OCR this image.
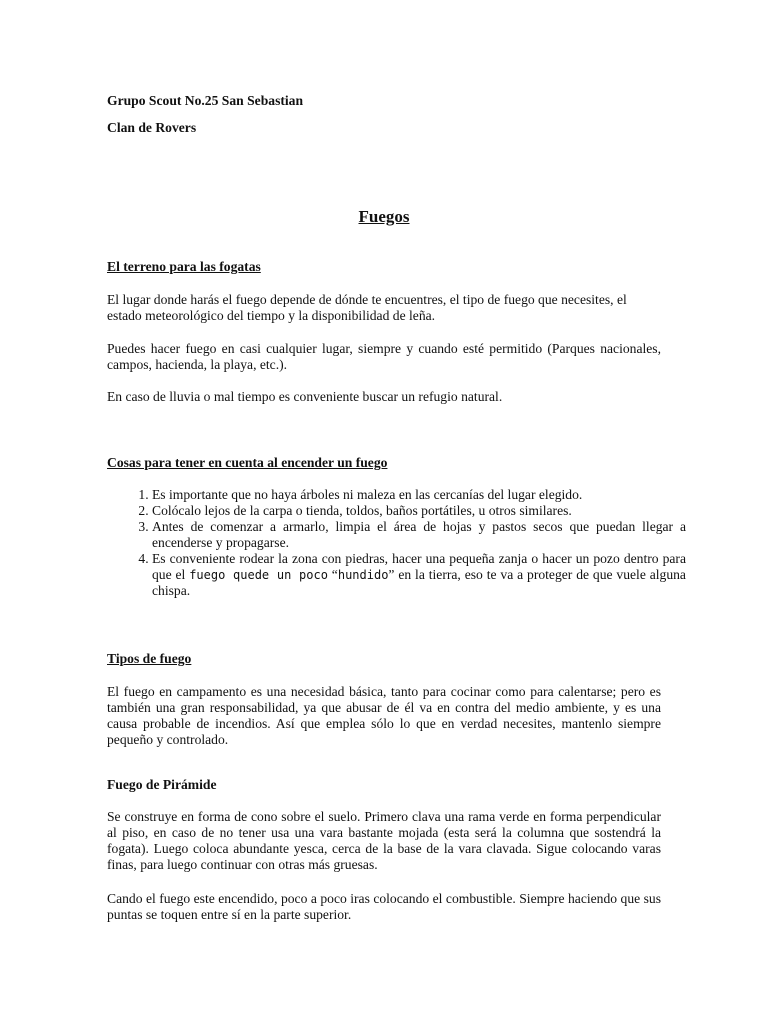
Grupo Scout No.25 San Sebastian

Clan de Rovers

Fuegos

El terreno para las fogatas

El lugar donde harás el fuego depende de dónde te encuentres, el tipo de fuego que necesites, el estado meteorológico del tiempo y la disponibilidad de leña.

Puedes hacer fuego en casi cualquier lugar, siempre y cuando esté permitido (Parques nacionales, campos, hacienda, la playa, etc.).

En caso de lluvia o mal tiempo es conveniente buscar un refugio natural.

Cosas para tener en cuenta al encender un fuego

1. Es importante que no haya árboles ni maleza en las cercanías del lugar elegido.
2. Colócalo lejos de la carpa o tienda, toldos, baños portátiles, u otros similares.
3. Antes de comenzar a armarlo, limpia el área de hojas y pastos secos que puedan llegar a encenderse y propagarse.
4. Es conveniente rodear la zona con piedras, hacer una pequeña zanja o hacer un pozo dentro para que el fuego quede un poco “hundido” en la tierra, eso te va a proteger de que vuele alguna chispa.

Tipos de fuego

El fuego en campamento es una necesidad básica, tanto para cocinar como para calentarse; pero es también una gran responsabilidad, ya que abusar de él va en contra del medio ambiente, y es una causa probable de incendios. Así que emplea sólo lo que en verdad necesites, mantenlo siempre pequeño y controlado.

Fuego de Pirámide

Se construye en forma de cono sobre el suelo. Primero clava una rama verde en forma perpendicular al piso, en caso de no tener usa una vara bastante mojada (esta será la columna que sostendrá la fogata). Luego coloca abundante yesca, cerca de la base de la vara clavada. Sigue colocando varas finas, para luego continuar con otras más gruesas.

Cando el fuego este encendido, poco a poco iras colocando el combustible. Siempre haciendo que sus puntas se toquen entre sí en la parte superior.
